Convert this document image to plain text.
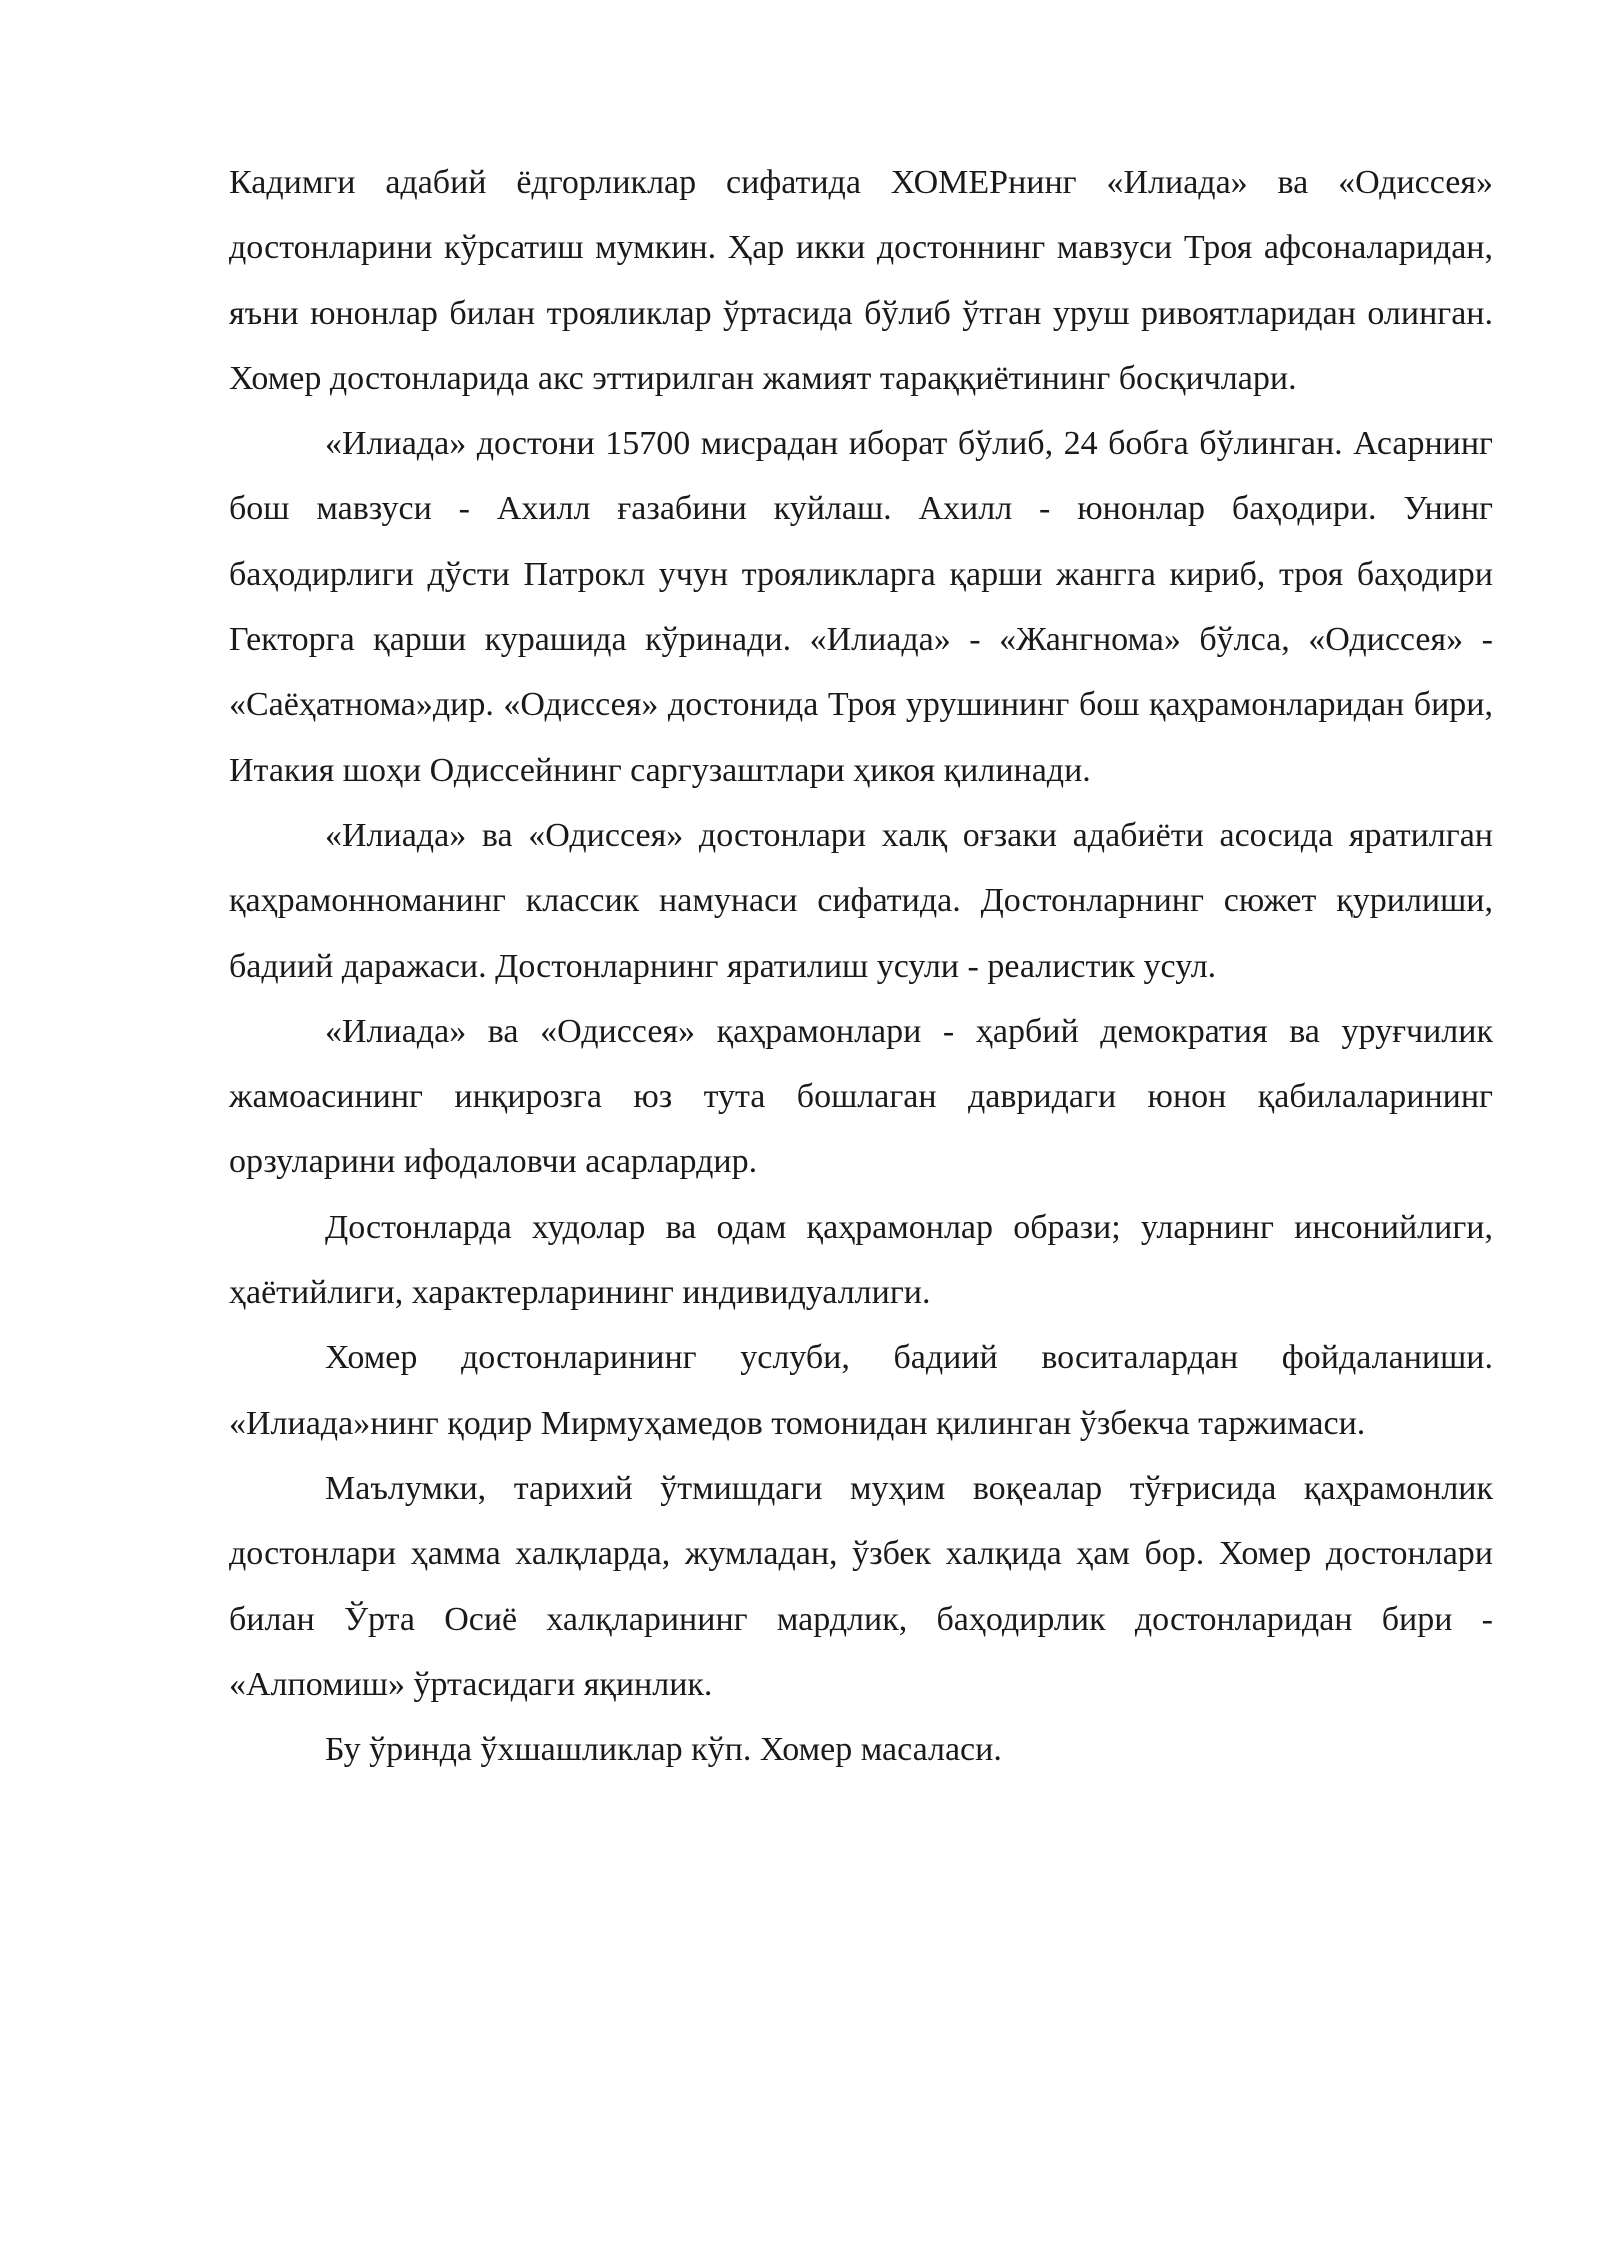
Кадимги адабий ёдгорликлар сифатида ХОМЕРнинг «Илиада» ва «Одиссея» достонларини кўрсатиш мумкин. Ҳар икки достоннинг мавзуси Троя афсоналаридан, яъни юнонлар билан трояликлар ўртасида бўлиб ўтган уруш ривоятларидан олинган. Хомер достонларида акс эттирилган жамият тараққиётининг босқичлари.

«Илиада» достони 15700 мисрадан иборат бўлиб, 24 бобга бўлинган. Асарнинг бош мавзуси - Ахилл ғазабини куйлаш. Ахилл - юнонлар баҳодири. Унинг баҳодирлиги дўсти Патрокл учун трояликларга қарши жангга кириб, троя баҳодири Гекторга қарши курашида кўринади. «Илиада» - «Жангнома» бўлса, «Одиссея» - «Саёҳатнома»дир. «Одиссея» достонида Троя урушининг бош қаҳрамонларидан бири, Итакия шоҳи Одиссейнинг саргузаштлари ҳикоя қилинади.

«Илиада» ва «Одиссея» достонлари халқ оғзаки адабиёти асосида яратилган қаҳрамонноманинг классик намунаси сифатида. Достонларнинг сюжет қурилиши, бадиий даражаси. Достонларнинг яратилиш усули - реалистик усул.

«Илиада» ва «Одиссея» қаҳрамонлари - ҳарбий демократия ва уруғчилик жамоасининг инқирозга юз тута бошлаган давридаги юнон қабилаларининг орзуларини ифодаловчи асарлардир.

Достонларда худолар ва одам қаҳрамонлар образи; уларнинг инсонийлиги, ҳаётийлиги, характерларининг индивидуаллиги.

Хомер достонларининг услуби, бадиий воситалардан фойдаланиши. «Илиада»нинг қодир Мирмуҳамедов томонидан қилинган ўзбекча таржимаси.

Маълумки, тарихий ўтмишдаги муҳим воқеалар тўғрисида қаҳрамонлик достонлари ҳамма халқларда, жумладан, ўзбек халқида ҳам бор. Хомер достонлари билан Ўрта Осиё халқларининг мардлик, баҳодирлик достонларидан бири - «Алпомиш» ўртасидаги яқинлик.

Бу ўринда ўхшашликлар кўп. Хомер масаласи.
